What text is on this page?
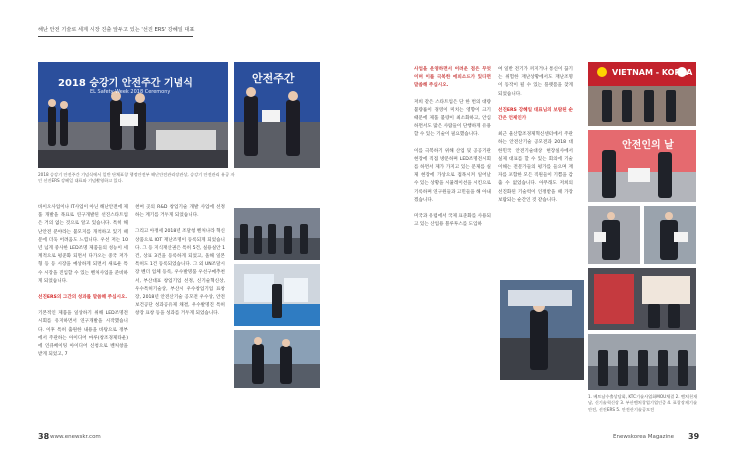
해난 안전 기술로 세계 시장 진출 앞두고 있는 '선진 ERS' 강혜일 대표
2018 승강기 안전주간 기념식
EL Safety Week 2018 Ceremony
안전주간
2018 승강기 안전주간 기념식에서 일반 단체표창 행정안전부 해난안전관리장관상, 승강기 안전관리 유공 자인 선진ERS 강혜일 대표와 기념촬영하고 있다.

바이오사업이나 IT사업이 아닌 해난안전에 제품 개발을 목표로 연구개발된 선진스타트업은 거의 없는 것으로 알고 있습니다. 특히 해난안전 분야라는 불모지를 개척하고 있기 때문에 더욱 어려움도 느낍니다. 우선 저는 10년 넘게 중사한 LED조명 제품들의 성능이 세계적으로 평준화 되면서 다가오는 중국 저가형 등 등 시장을 예상하게 되면서 새로운 특수 시장을 진입할 수 있는 벤처사업을 준비하게 되었습니다.

선진ERS의 그간의 성과를 말씀해 주십시오.

기본적인 제품을 일상하기 위해 LED조명전시회를 유지하면서 연구개발을 시작했습니다. 이후 특허 출원한 내용을 바탕으로 정부에서 주관하는 아이디어 마루(창조경제타운)에 인큐베이팅 아이디어 신청으로 벤처창을 받게 되었고, 7

천여 곳의 R&D 창업기술 개발 사업에 선정하는 계기를 거두게 되었습니다.

그리고 아정세 2018년 조달청 벤처나라 혁신상품으로 IOT 재난조명이 등록되게 되었습니다. 그 등 지식재산권은 특허 5건, 실용실안 1건, 상표 3건을 등록하게 되었고, 올해 일본 특허도 1건 등록되었습니다. 그 외 UN조달시장 벤더 업체 등록, 우수발명품 우선구매추천서, 부산대표 창업기업 선정, 신기술혁신상, 우수특허기술상, 부산시 우수창업기업 표창장, 2018년 안전산기술 공모전 우수상, 안전보건공단 성과공유제 채결, 우수발명진 특허창장 표창 등을 성과를 거두게 되었습니다.

사업을 운영하면서 어려운 점은 무엇이며 이를 극복한 에피소드가 있다면 말씀해 주십시오.

저희 같은 스타트업은 단 한 번의 대량 불량률이 경영이 미치는 영향이 크기 때문에 제품 불량이 최소화하고, 안심하면서도 많은 사람들이 단행하게 유용할 수 있는 기술이 필요했습니다.

이를 극복하기 위해 산업 및 공공기관 현장에 직접 방문하며 LED조명전시회를 하면서 제가 가지고 있는 문제를 실제 현장에 가상으로 접목시켜 일어날 수 있는 상황을 시뮬레이션을 시킨으로 기록하며 연구원들과 고민들을 해 아내겠습니다.

미국과 유럽에서 국제 표준화를 사용되고 있는 산업용 블루투스를 도입하

여 일반 전기가 꺼지거나 통신이 끊기는 위험한 재난상황에서도 재난조명이 동작이 될 수 있는 플랫폼을 찾게 되었습니다.

선진ERS 강혜일 대표님의 보람된 순간은 언제인가

최근 울산합조경제혁신센터에서 주관하는 안전산기술 공모전과 2018 대한민국 안전기술대상 현장실사에서 실제 대표를 할 수 있는 회의에 기술이해는 전문가들의 평가를 들으며 재 자를 포함한 모든 직원들이 기쁨을 감출 수 없었습니다. 아무래도 저희의 선진화된 기술력이 인정받을 때 가장 보람되는 순간인 것 같습니다.

VIETNAM - KOREA
안전인의 날
1. 베트남수출상담회, KTC기술사업화MOU체결 2. 벤처천재남, 신기술혁신상 3. 부산벤처창업기업인증 4. 표창장제기술안전, 선진ERS 5. 안전산기술공모전
38 www.enewskr.com	Enewskorea Magazine 39
